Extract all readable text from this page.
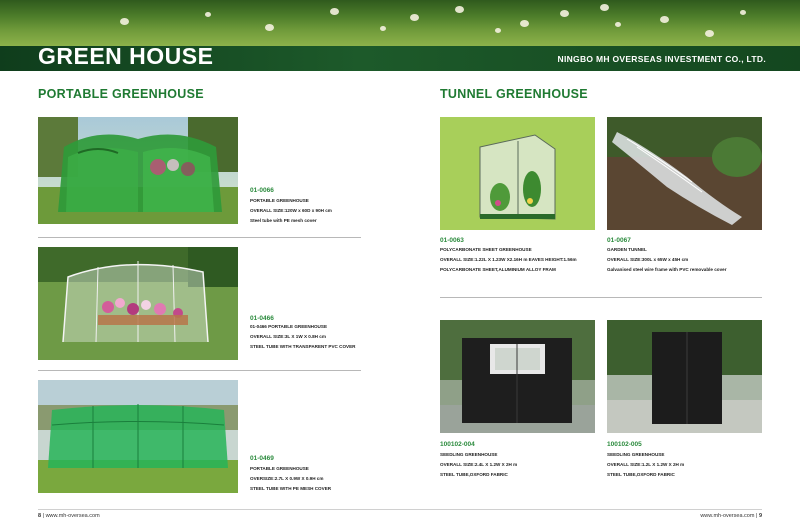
GREEN HOUSE	NINGBO MH OVERSEAS INVESTMENT CO., LTD.
PORTABLE GREENHOUSE	TUNNEL GREENHOUSE
01-0066
PORTABLE GREENHOUSE
OVERALL SIZE:120W x 60D x 90H cm
Steel tube with PE mesh cover
01-0466
01-0466 PORTABLE GREENHOUSE
OVERALL SIZE:3L X 1W X 0.8H cm
STEEL TUBE WITH TRANSPARENT PVC COVER
01-0469
PORTABLE GREENHOUSE
OVERSIZE:2.7L X 0.9W X 0.9H cm
STEEL TUBE WITH PE MESH COVER
01-0063
POLYCARBONATE SHEET GREENHOUSE
OVERALL SIZE:1.22L X 1.23W X2.16H m EAVES HEIGHT:1.56m
POLYCARBONATE SHEET,ALUMINIUM ALLOY FRAM
01-0067
GARDEN TUNNEL
OVERALL SIZE:300L x 65W x 45H cm
Galvanised steel wire frame with PVC removable cover
100102-004
SEEDLING GREENHOUSE
OVERALL SIZE:2.4L X 1.2W X 2H m
STEEL TUBE,OXFORD FABRIC
100102-005
SEEDLING GREENHOUSE
OVERALL SIZE:1.2L X 1.2W X 2H m
STEEL TUBE,OXFORD FABRIC
8 | www.mh-oversea.com	www.mh-oversea.com | 9
